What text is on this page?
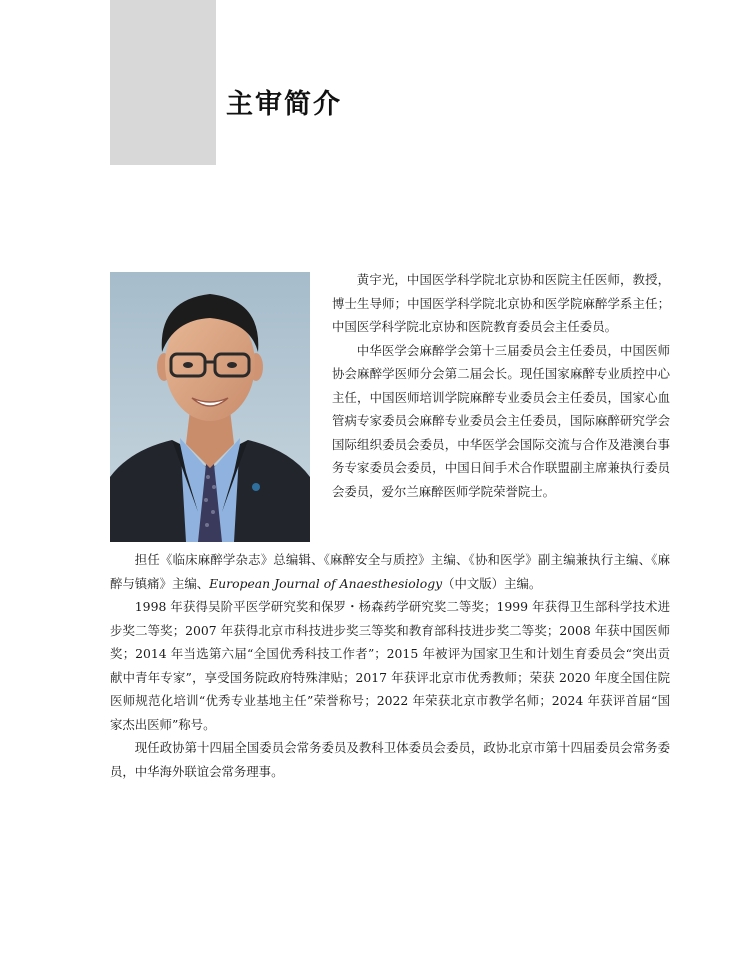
主审简介

黄宇光，中国医学科学院北京协和医院主任医师，教授，博士生导师；中国医学科学院北京协和医学院麻醉学系主任；中国医学科学院北京协和医院教育委员会主任委员。

中华医学会麻醉学会第十三届委员会主任委员，中国医师协会麻醉学医师分会第二届会长。现任国家麻醉专业质控中心主任，中国医师培训学院麻醉专业委员会主任委员，国家心血管病专家委员会麻醉专业委员会主任委员，国际麻醉研究学会国际组织委员会委员，中华医学会国际交流与合作及港澳台事务专家委员会委员，中国日间手术合作联盟副主席兼执行委员会委员，爱尔兰麻醉医师学院荣誉院士。

担任《临床麻醉学杂志》总编辑、《麻醉安全与质控》主编、《协和医学》副主编兼执行主编、《麻醉与镇痛》主编、European Journal of Anaesthesiology（中文版）主编。

1998 年获得吴阶平医学研究奖和保罗・杨森药学研究奖二等奖；1999 年获得卫生部科学技术进步奖二等奖；2007 年获得北京市科技进步奖三等奖和教育部科技进步奖二等奖；2008 年获中国医师奖；2014 年当选第六届“全国优秀科技工作者”；2015 年被评为国家卫生和计划生育委员会“突出贡献中青年专家”，享受国务院政府特殊津贴；2017 年获评北京市优秀教师；荣获 2020 年度全国住院医师规范化培训“优秀专业基地主任”荣誉称号；2022 年荣获北京市教学名师；2024 年获评首届“国家杰出医师”称号。

现任政协第十四届全国委员会常务委员及教科卫体委员会委员，政协北京市第十四届委员会常务委员，中华海外联谊会常务理事。
